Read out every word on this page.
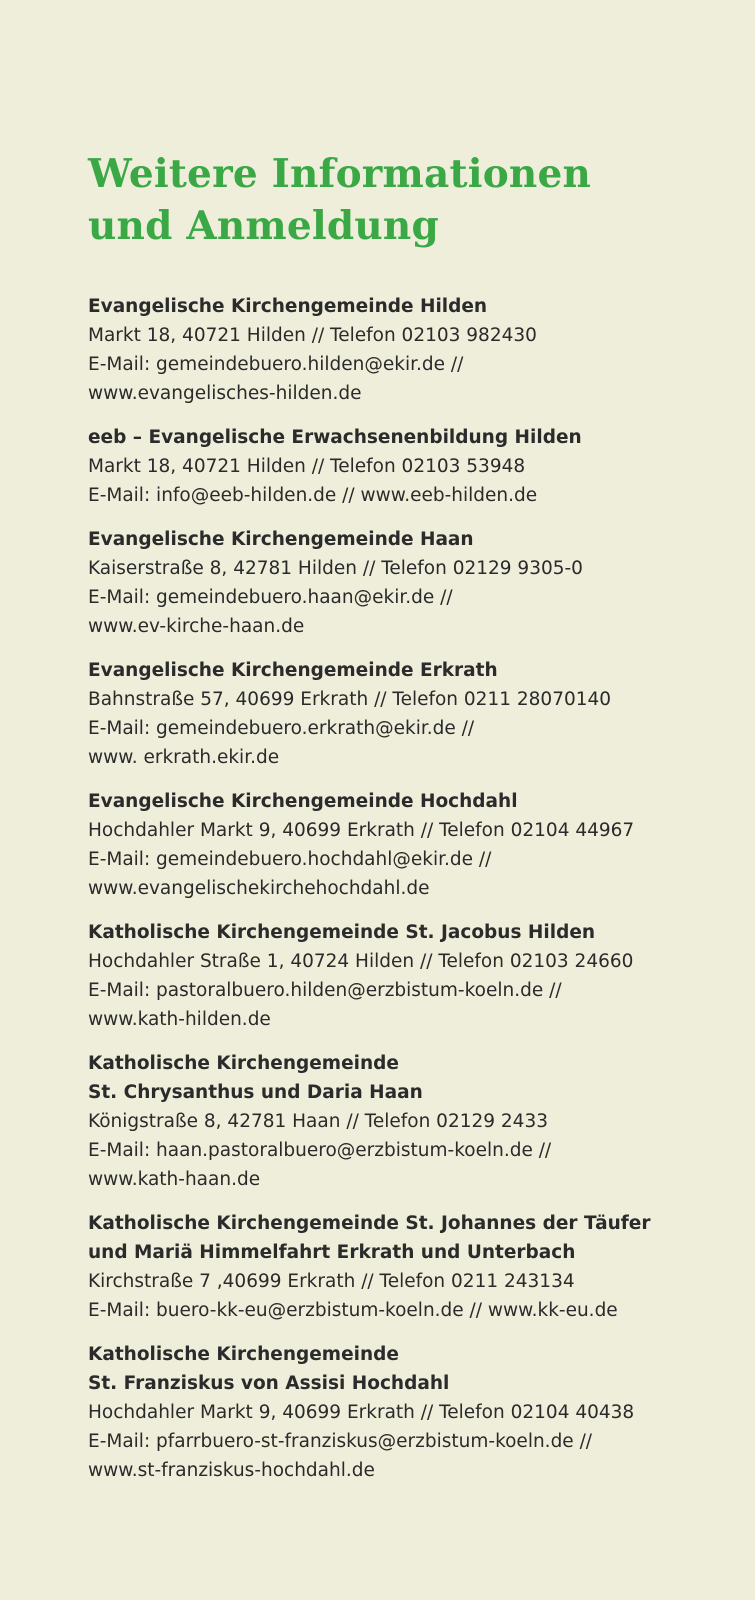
Weitere Informationen
und Anmeldung
Evangelische Kirchengemeinde Hilden
Markt 18, 40721 Hilden // Telefon 02103 982430
E-Mail: gemeindebuero.hilden@ekir.de //
www.evangelisches-hilden.de
eeb – Evangelische Erwachsenenbildung Hilden
Markt 18, 40721 Hilden // Telefon 02103 53948
E-Mail: info@eeb-hilden.de // www.eeb-hilden.de
Evangelische Kirchengemeinde Haan
Kaiserstraße 8, 42781 Hilden // Telefon 02129 9305-0
E-Mail: gemeindebuero.haan@ekir.de //
www.ev-kirche-haan.de
Evangelische Kirchengemeinde Erkrath
Bahnstraße 57, 40699 Erkrath // Telefon 0211 28070140
E-Mail: gemeindebuero.erkrath@ekir.de //
www. erkrath.ekir.de
Evangelische Kirchengemeinde Hochdahl
Hochdahler Markt 9, 40699 Erkrath // Telefon 02104 44967
E-Mail: gemeindebuero.hochdahl@ekir.de //
www.evangelischekirchehochdahl.de
Katholische Kirchengemeinde St. Jacobus Hilden
Hochdahler Straße 1, 40724 Hilden // Telefon 02103 24660
E-Mail: pastoralbuero.hilden@erzbistum-koeln.de //
www.kath-hilden.de
Katholische Kirchengemeinde
St. Chrysanthus und Daria Haan
Königstraße 8, 42781 Haan // Telefon 02129 2433
E-Mail: haan.pastoralbuero@erzbistum-koeln.de //
www.kath-haan.de
Katholische Kirchengemeinde St. Johannes der Täufer
und Mariä Himmelfahrt Erkrath und Unterbach
Kirchstraße 7 ,40699 Erkrath // Telefon 0211 243134
E-Mail: buero-kk-eu@erzbistum-koeln.de // www.kk-eu.de
Katholische Kirchengemeinde
St. Franziskus von Assisi Hochdahl
Hochdahler Markt 9, 40699 Erkrath // Telefon 02104 40438
E-Mail: pfarrbuero-st-franziskus@erzbistum-koeln.de //
www.st-franziskus-hochdahl.de
